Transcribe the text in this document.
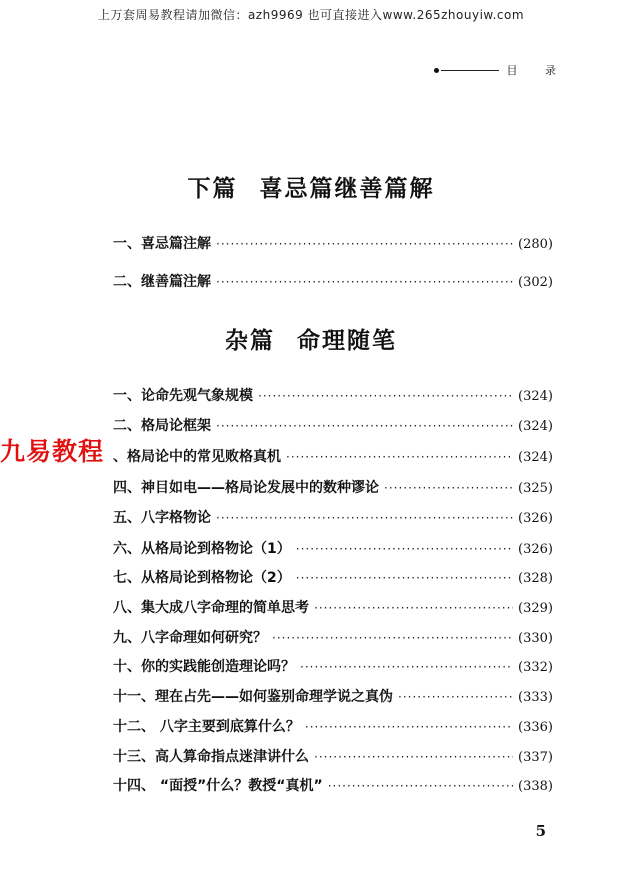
上万套周易教程请加微信：azh9969 也可直接进入www.265zhouyiw.com
目 录
下篇 喜忌篇继善篇解
一、喜忌篇注解 ·····	(280)
二、继善篇注解 ·····	(302)
杂篇 命理随笔
一、论命先观气象规模 ·····	(324)
二、格局论框架 ·····	(324)
、格局论中的常见败格真机 ·····	(324)
四、神目如电——格局论发展中的数种谬论 ·····	(325)
五、八字格物论 ·····	(326)
六、从格局论到格物论（1） ·····	(326)
七、从格局论到格物论（2） ·····	(328)
八、集大成八字命理的简单思考 ·····	(329)
九、八字命理如何研究？ ·····	(330)
十、你的实践能创造理论吗？ ·····	(332)
十一、理在占先——如何鉴别命理学说之真伪 ·····	(333)
十二、 八字主要到底算什么？ ·····	(336)
十三、高人算命指点迷津讲什么 ·····	(337)
十四、 “面授”什么？教授“真机” ·····	(338)
九易教程
5
